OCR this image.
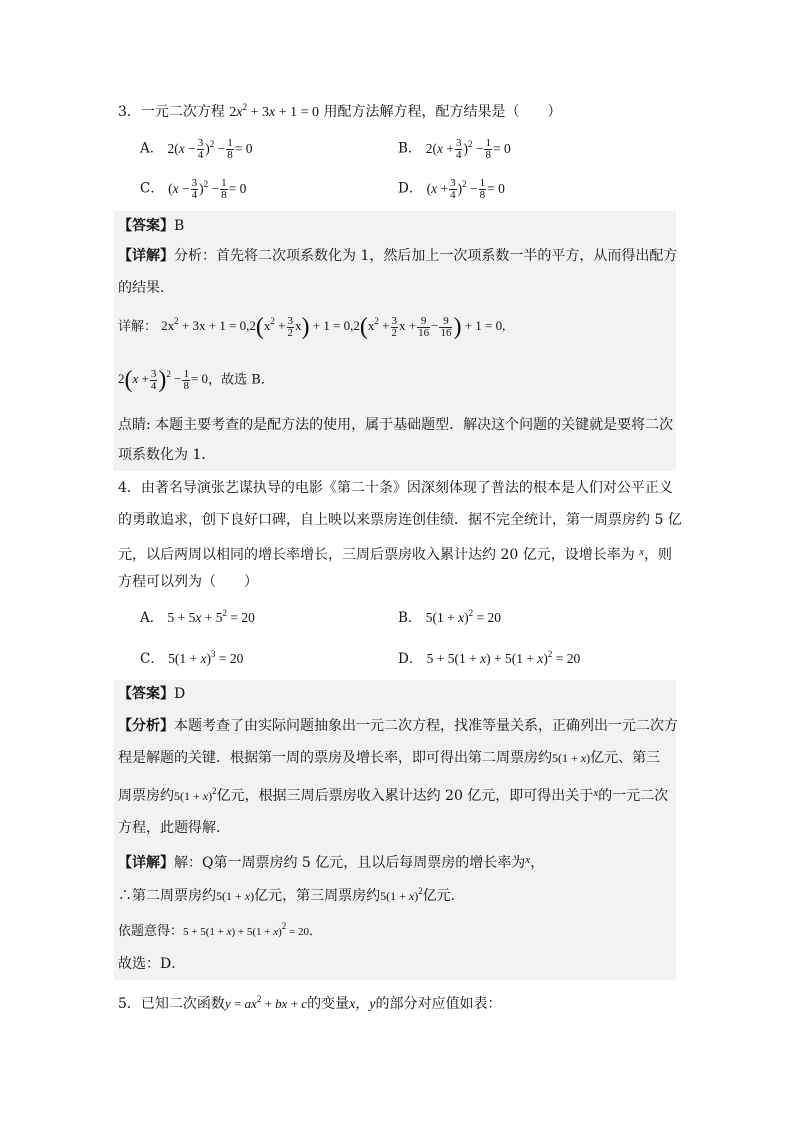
3．一元二次方程 $2x^2 + 3x + 1 = 0$ 用配方法解方程，配方结果是（　　）
A． $2(x - \frac{3}{4} )^2 - \frac{1}{8} = 0$	B． $2(x + \frac{3}{4} )^2 - \frac{1}{8} = 0$
C． $(x - \frac{3}{4} )^2 - \frac{1}{8} = 0$	D． $(x + \frac{3}{4} )^2 - \frac{1}{8} = 0$
【答案】B
【详解】分析：首先将二次项系数化为 1，然后加上一次项系数一半的平方，从而得出配方
的结果．
详解： $2x^2 + 3x + 1 = 0,2(x^2 + \frac{3}{2} x) + 1 = 0,2(x^2 + \frac{3}{2}$ $x + \frac{9}{16} - \frac{9}{16}$ ) + 1 = 0,
$2(x + \frac{3}{4} )^2 - \frac{1}{8} = 0$，故选 B．
点睛: 本题主要考查的是配方法的使用，属于基础题型．解决这个问题的关键就是要将二次
项系数化为 1．
4．由著名导演张艺谋执导的电影《第二十条》因深刻体现了普法的根本是人们对公平正义
的勇敢追求，创下良好口碑，自上映以来票房连创佳绩．据不完全统计，第一周票房约 5 亿
元，以后两周以相同的增长率增长，三周后票房收入累计达约 20 亿元，设增长率为 $^x$，则
方程可以列为（　　）
A． $5 + 5x + 5^2 = 20$	B． $5(1 + x)^2 = 20$
C． $5(1 + x)^3 = 20$	D． $5 + 5(1 + x) + 5(1 + x)^2 = 20$
【答案】D
【分析】本题考查了由实际问题抽象出一元二次方程，找准等量关系，正确列出一元二次方
程是解题的关键．根据第一周的票房及增长率，即可得出第二周票房约5(1 + x)亿元、第三
周票房约$5(1 + x)^2$亿元，根据三周后票房收入累计达约 20 亿元，即可得出关于$^x$的一元二次
方程，此题得解．
【详解】解：Q第一周票房约 5 亿元，且以后每周票房的增长率为$^x$，
∴第二周票房约5(1 + x)亿元，第三周票房约$5(1 + x)^2$亿元．
依题意得：$5 + 5(1 + x) + 5(1 + x)^2 = 20$．
故选：D．
5．已知二次函数$y = ax^2$ + bx + c的变量x，y的部分对应值如表：
